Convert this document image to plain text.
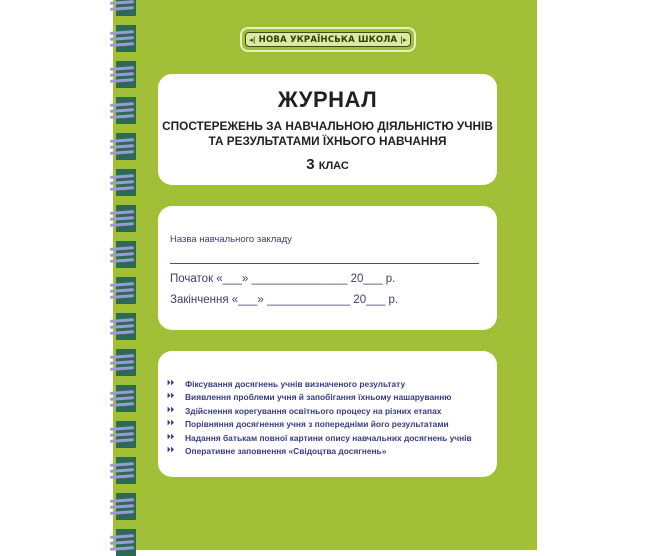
◂| НОВА УКРАЇНСЬКА ШКОЛА |▸
ЖУРНАЛ
СПОСТЕРЕЖЕНЬ ЗА НАВЧАЛЬНОЮ ДІЯЛЬНІСТЮ УЧНІВ
ТА РЕЗУЛЬТАТАМИ ЇХНЬОГО НАВЧАННЯ
3 КЛАС
Назва навчального закладу
Початок «___» _______________ 20___ р.
Закінчення «___» _____________ 20___ р.
⏵⏵	Фіксування досягнень учнів визначеного результату
⏵⏵	Виявлення проблеми учня й запобігання їхньому нашаруванню
⏵⏵	Здійснення корегування освітнього процесу на різних етапах
⏵⏵	Порівняння досягнення учня з попередніми його результатами
⏵⏵	Надання батькам повної картини опису навчальних досягнень учнів
⏵⏵	Оперативне заповнення «Свідоцтва досягнень»
